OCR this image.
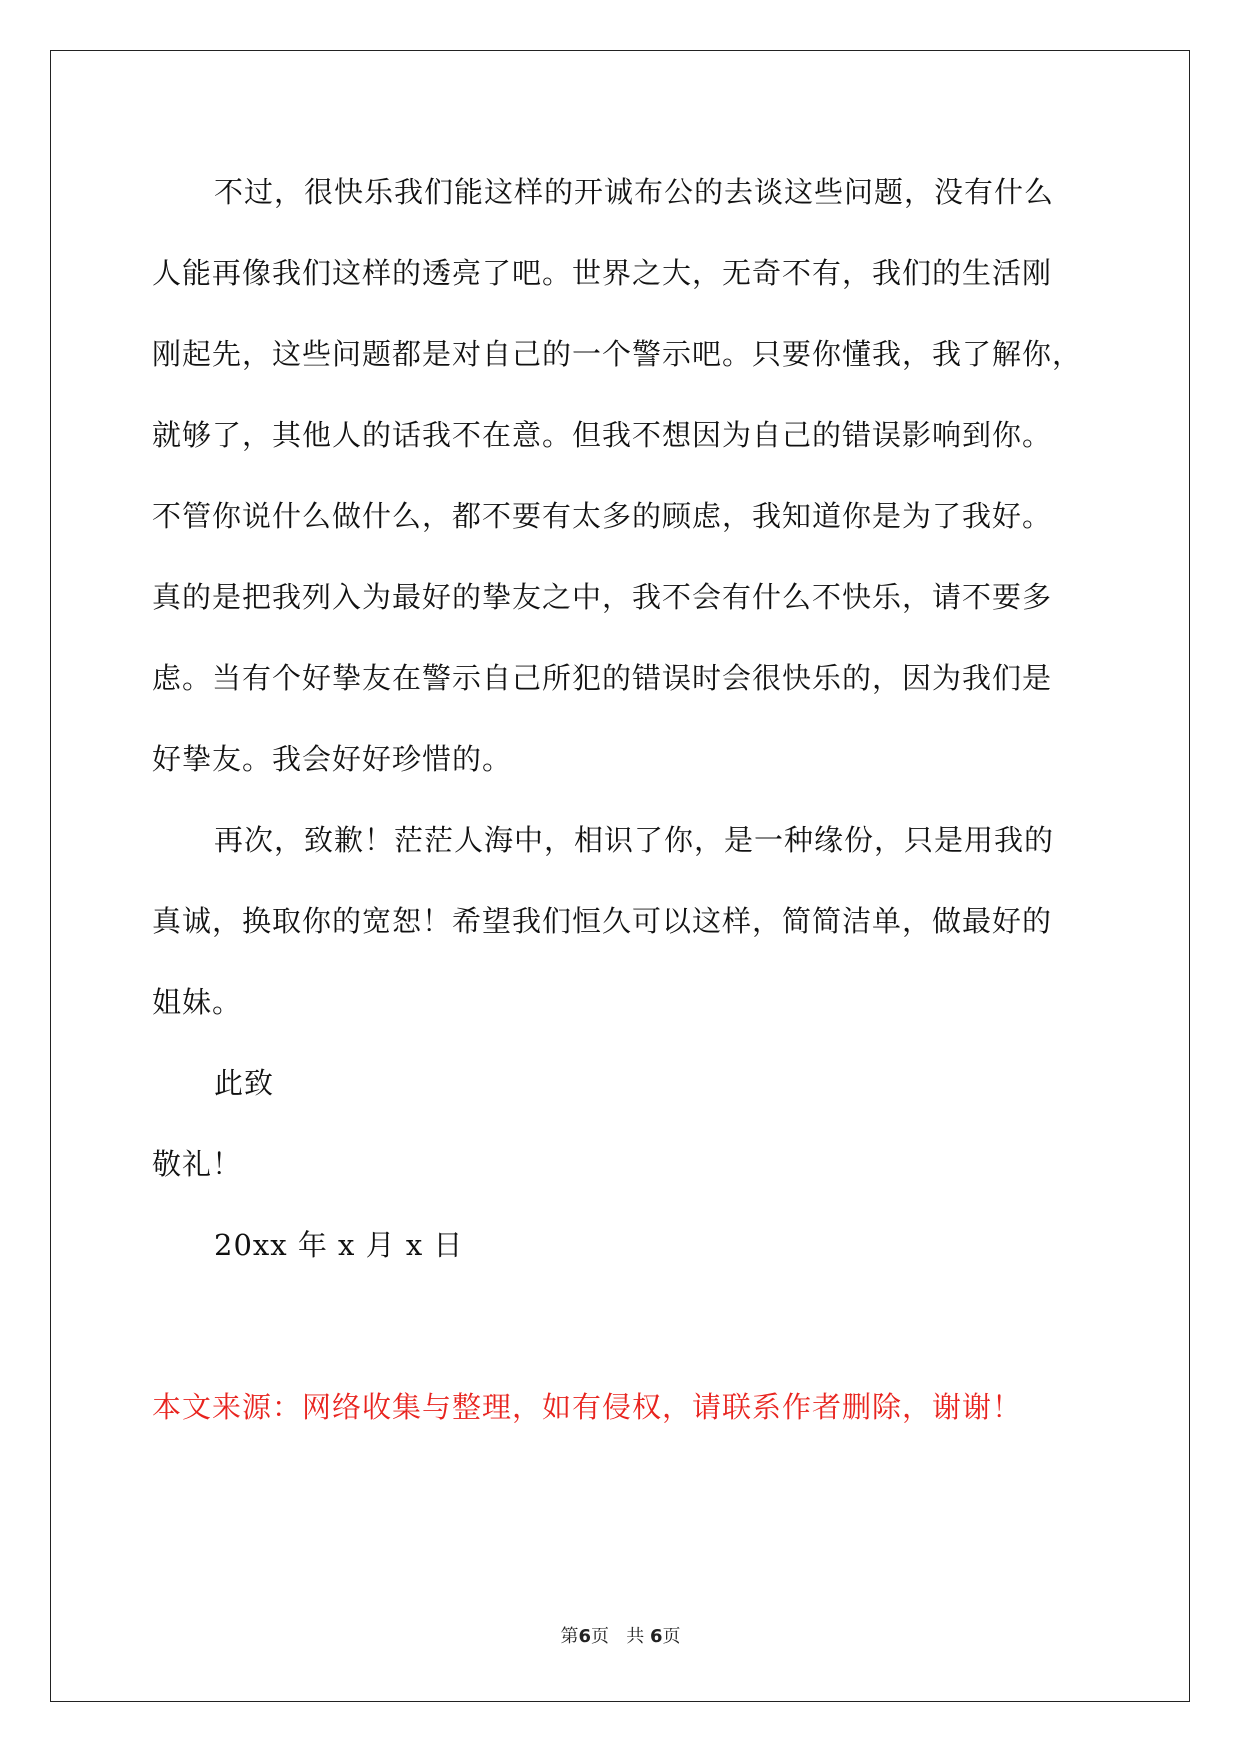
不过，很快乐我们能这样的开诚布公的去谈这些问题，没有什么
人能再像我们这样的透亮了吧。世界之大，无奇不有，我们的生活刚
刚起先，这些问题都是对自己的一个警示吧。只要你懂我，我了解你，
就够了，其他人的话我不在意。但我不想因为自己的错误影响到你。
不管你说什么做什么，都不要有太多的顾虑，我知道你是为了我好。
真的是把我列入为最好的挚友之中，我不会有什么不快乐，请不要多
虑。当有个好挚友在警示自己所犯的错误时会很快乐的，因为我们是
好挚友。我会好好珍惜的。
再次，致歉！茫茫人海中，相识了你，是一种缘份，只是用我的
真诚，换取你的宽恕！希望我们恒久可以这样，简简洁单，做最好的
姐妹。
此致
敬礼！
20xx 年 x 月 x 日
本文来源：网络收集与整理，如有侵权，请联系作者删除，谢谢！
第6页 共 6页
